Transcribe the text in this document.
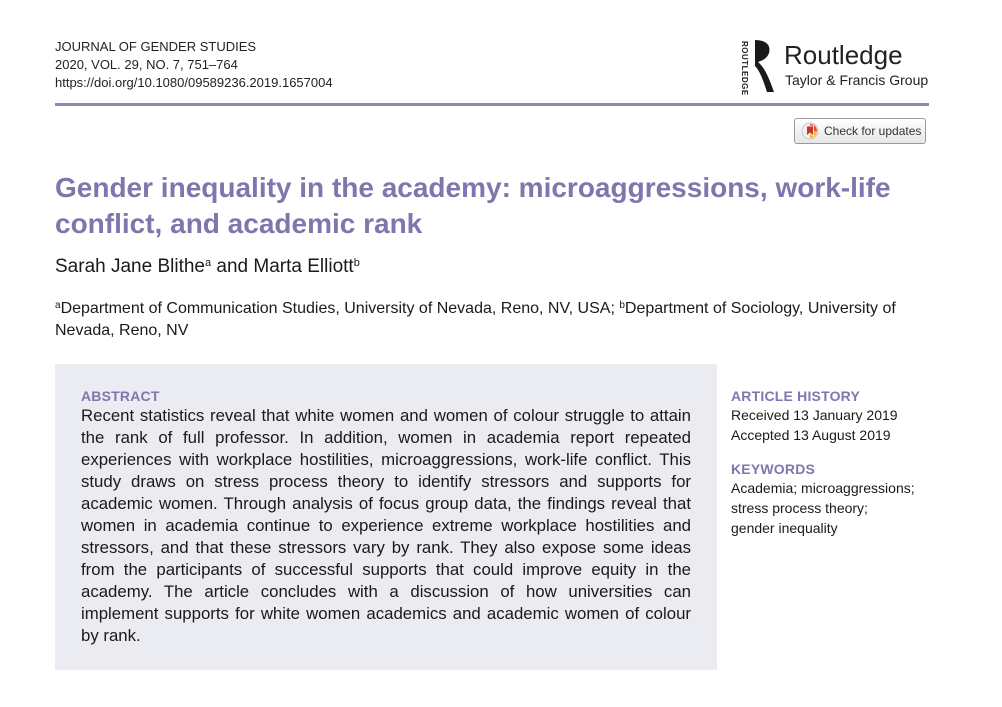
JOURNAL OF GENDER STUDIES
2020, VOL. 29, NO. 7, 751–764
https://doi.org/10.1080/09589236.2019.1657004	ROUTLEDGE Routledge
Taylor & Francis Group
Check for updates
Gender inequality in the academy: microaggressions, work-life conflict, and academic rank
Sarah Jane Blithe$^a$ and Marta Elliott$^b$
$^a$Department of Communication Studies, University of Nevada, Reno, NV, USA; $^b$Department of Sociology, University of Nevada, Reno, NV
ABSTRACT
Recent statistics reveal that white women and women of colour struggle to attain the rank of full professor. In addition, women in academia report repeated experiences with workplace hostilities, microaggressions, work-life conflict. This study draws on stress process theory to identify stressors and supports for academic women. Through analysis of focus group data, the findings reveal that women in academia continue to experience extreme workplace hostilities and stressors, and that these stressors vary by rank. They also expose some ideas from the participants of successful supports that could improve equity in the academy. The article concludes with a discussion of how universities can implement supports for white women academics and academic women of colour by rank.
ARTICLE HISTORY
Received 13 January 2019
Accepted 13 August 2019
KEYWORDS
Academia; microaggressions;
stress process theory;
gender inequality
